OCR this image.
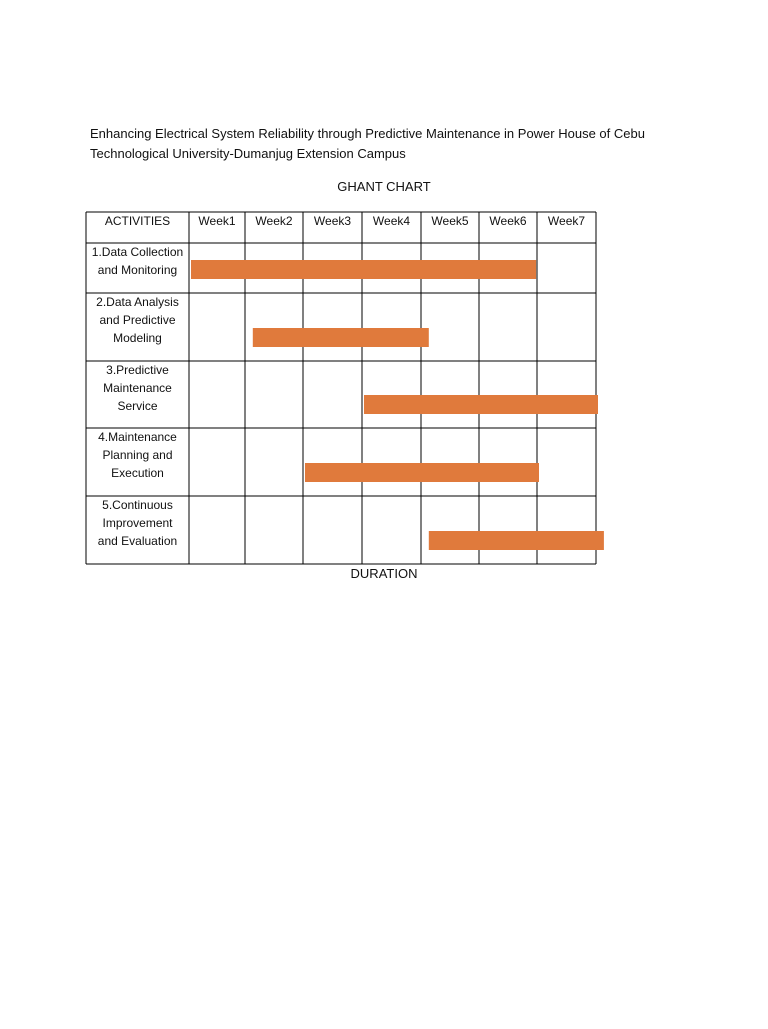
Enhancing Electrical System Reliability through Predictive Maintenance in Power House of Cebu Technological University-Dumanjug Extension Campus
GHANT CHART
ACTIVITIES Week1 Week2 Week3 Week4 Week5 Week6 Week7
1.Data Collection
and Monitoring
2.Data Analysis
and Predictive
Modeling
3.Predictive
Maintenance
Service
4.Maintenance
Planning and
Execution
5.Continuous
Improvement
and Evaluation
DURATION
